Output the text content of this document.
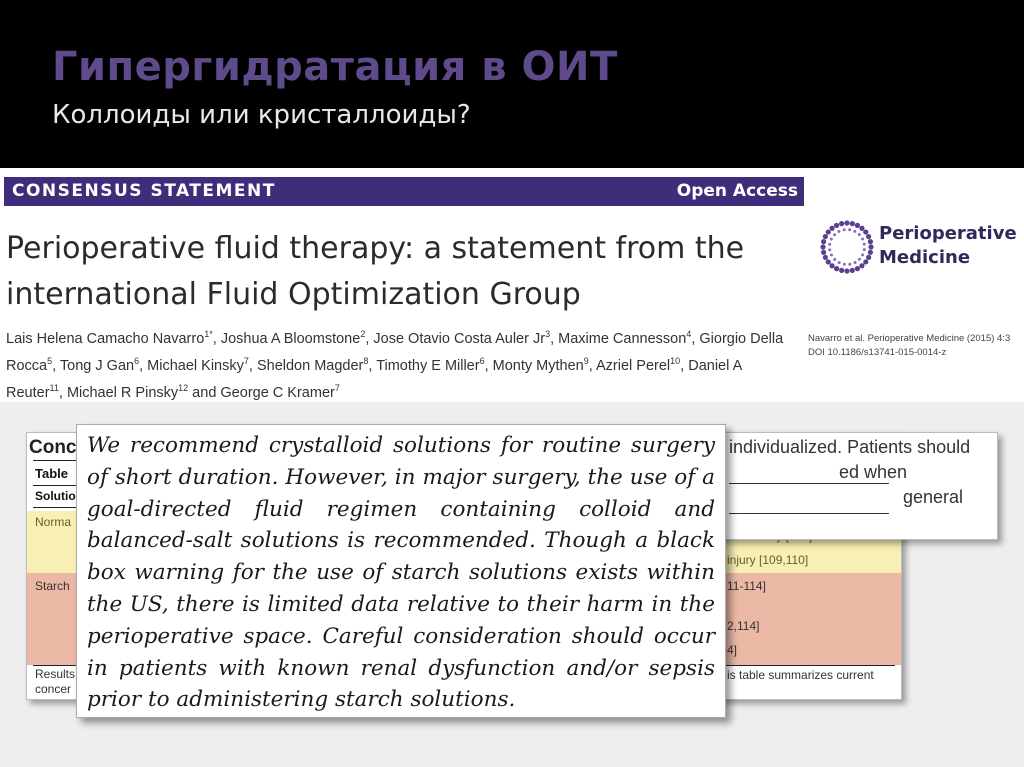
Гипергидратация в ОИТ
Коллоиды или кристаллоиды?
CONSENSUS STATEMENT	Open Access
Perioperative fluid therapy: a statement from the international Fluid Optimization Group
Lais Helena Camacho Navarro$^{1*}$, Joshua A Bloomstone$^2$, Jose Otavio Costa Auler Jr$^3$, Maxime Cannesson$^4$, Giorgio Della Rocca$^5$, Tong J Gan$^6$, Michael Kinsky$^7$, Sheldon Magder$^8$, Timothy E Miller$^6$, Monty Mythen$^9$, Azriel Perel$^{10}$, Daniel A Reuter$^{11}$, Michael R Pinsky$^{12}$ and George C Kramer$^7$
Perioperative
Medicine
Navarro et al. Perioperative Medicine (2015) 4:3
DOI 10.1186/s13741-015-0014-z
Conc
Table
Solutio
Norma
Starch
Results
concer
injury [109,110]
11-114]
2,114]
4]
is table summarizes current
individualized. Patients should
ed when
general
We recommend crystalloid solutions for routine surgery of short duration. However, in major surgery, the use of a goal-directed fluid regimen containing colloid and balanced-salt solutions is recommended. Though a black box warning for the use of starch solutions exists within the US, there is limited data relative to their harm in the perioperative space. Careful consideration should occur in patients with known renal dysfunction and/or sepsis prior to administering starch solutions.
